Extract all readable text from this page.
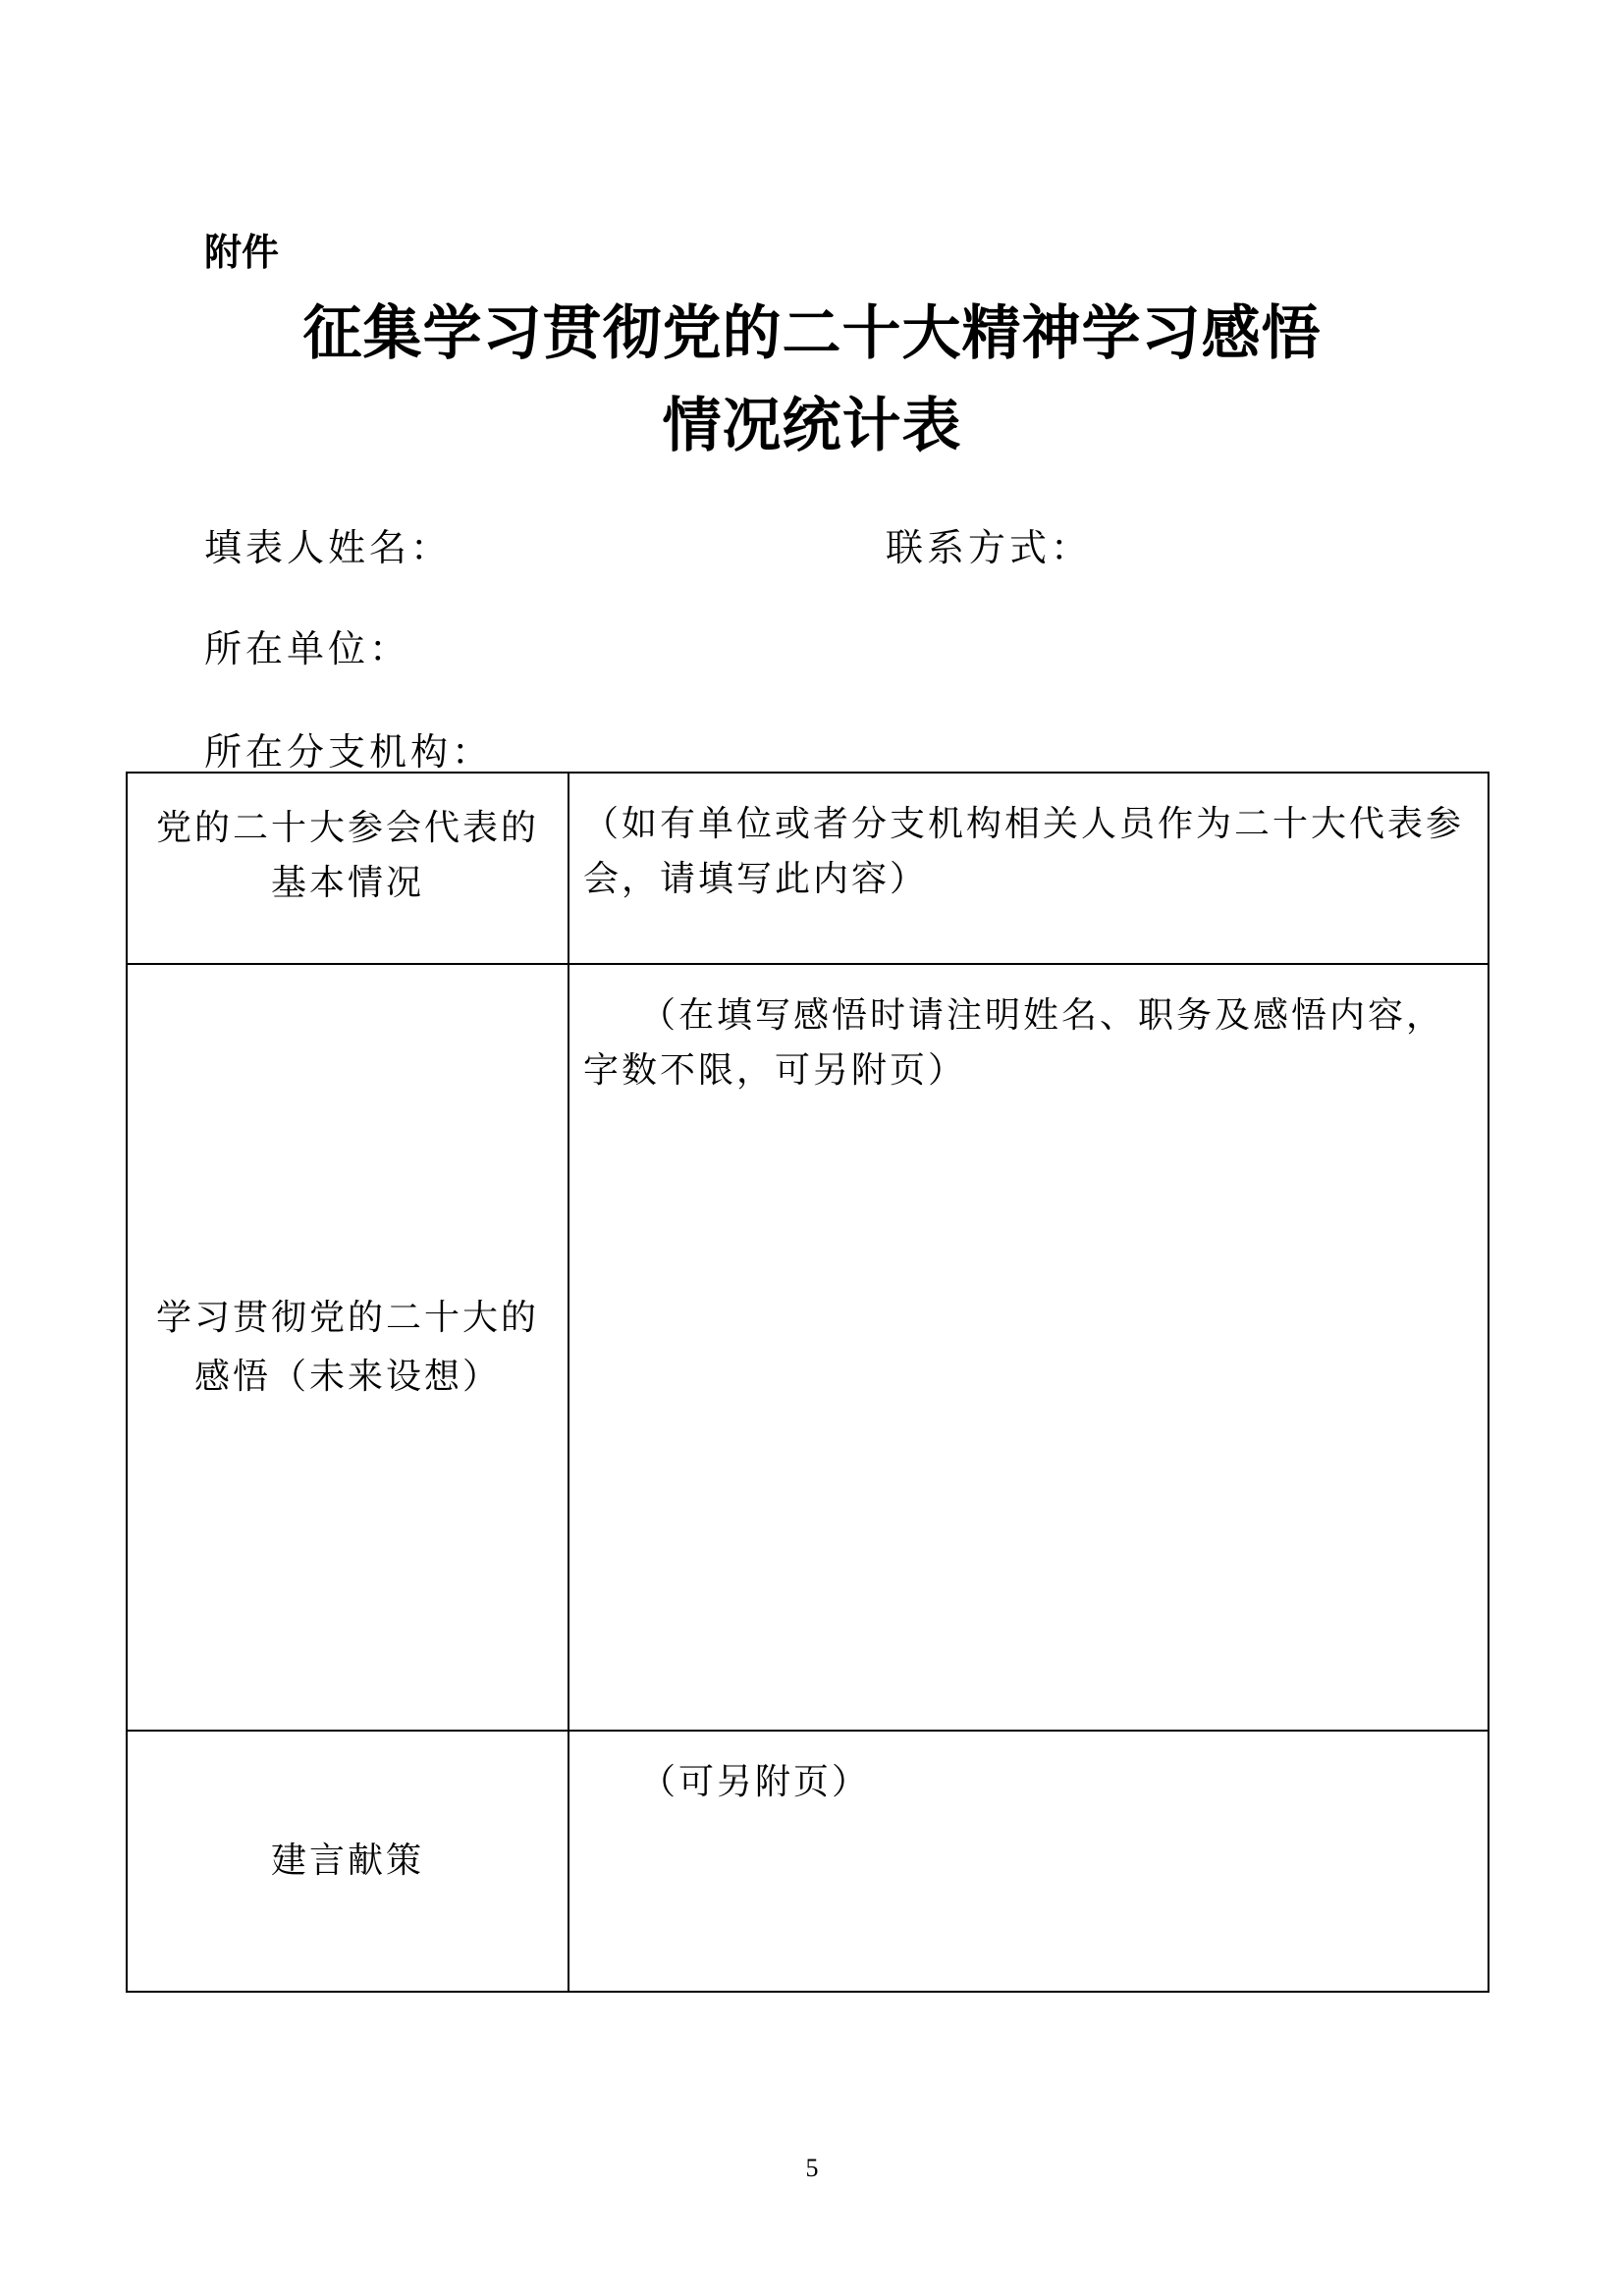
附件
征集学习贯彻党的二十大精神学习感悟
情况统计表
填表人姓名：	联系方式：
所在单位：
所在分支机构：
党的二十大参会代表的基本情况	（如有单位或者分支机构相关人员作为二十大代表参会，请填写此内容）
学习贯彻党的二十大的感悟（未来设想）	（在填写感悟时请注明姓名、职务及感悟内容，字数不限，可另附页）
建言献策	（可另附页）
5
